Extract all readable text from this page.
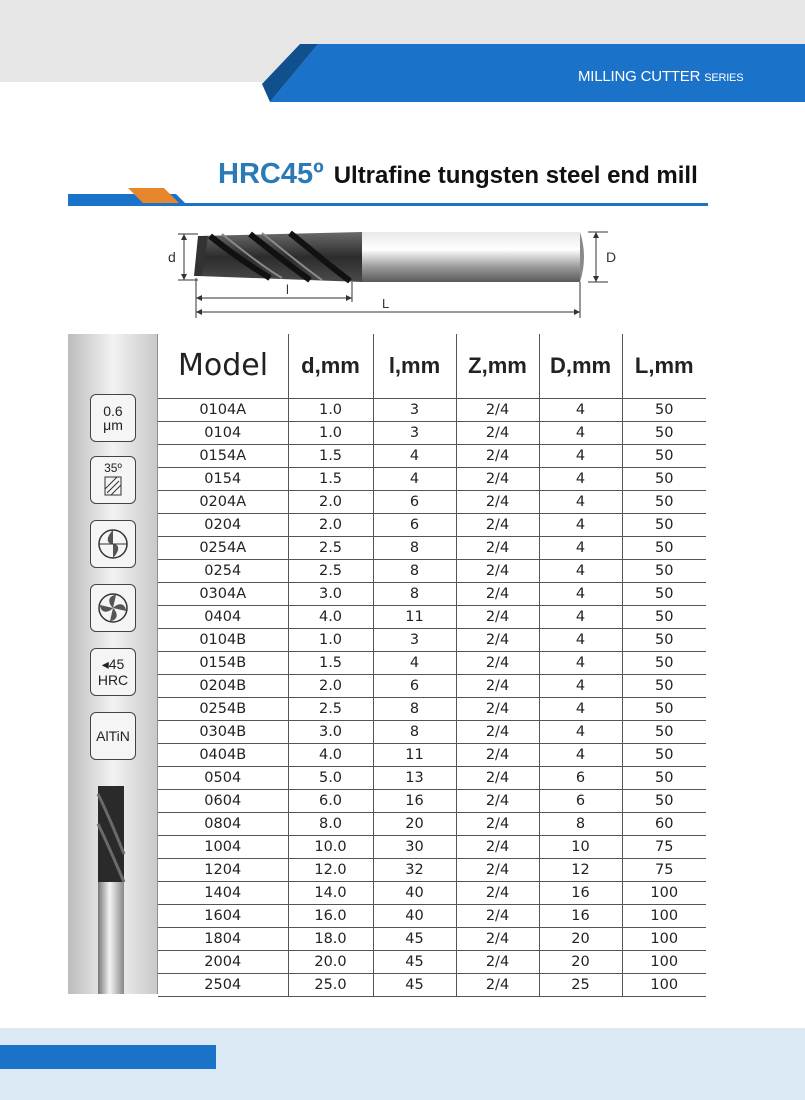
MILLING CUTTER SERIES
HRC45º Ultrafine tungsten steel end mill
d	D
l
L
0.6
μm
35º
◂45
HRC
AlTiN
Model	d,mm	l,mm	Z,mm	D,mm	L,mm
0104A	1.0	3	2/4	4	50
0104	1.0	3	2/4	4	50
0154A	1.5	4	2/4	4	50
0154	1.5	4	2/4	4	50
0204A	2.0	6	2/4	4	50
0204	2.0	6	2/4	4	50
0254A	2.5	8	2/4	4	50
0254	2.5	8	2/4	4	50
0304A	3.0	8	2/4	4	50
0404	4.0	11	2/4	4	50
0104B	1.0	3	2/4	4	50
0154B	1.5	4	2/4	4	50
0204B	2.0	6	2/4	4	50
0254B	2.5	8	2/4	4	50
0304B	3.0	8	2/4	4	50
0404B	4.0	11	2/4	4	50
0504	5.0	13	2/4	6	50
0604	6.0	16	2/4	6	50
0804	8.0	20	2/4	8	60
1004	10.0	30	2/4	10	75
1204	12.0	32	2/4	12	75
1404	14.0	40	2/4	16	100
1604	16.0	40	2/4	16	100
1804	18.0	45	2/4	20	100
2004	20.0	45	2/4	20	100
2504	25.0	45	2/4	25	100
